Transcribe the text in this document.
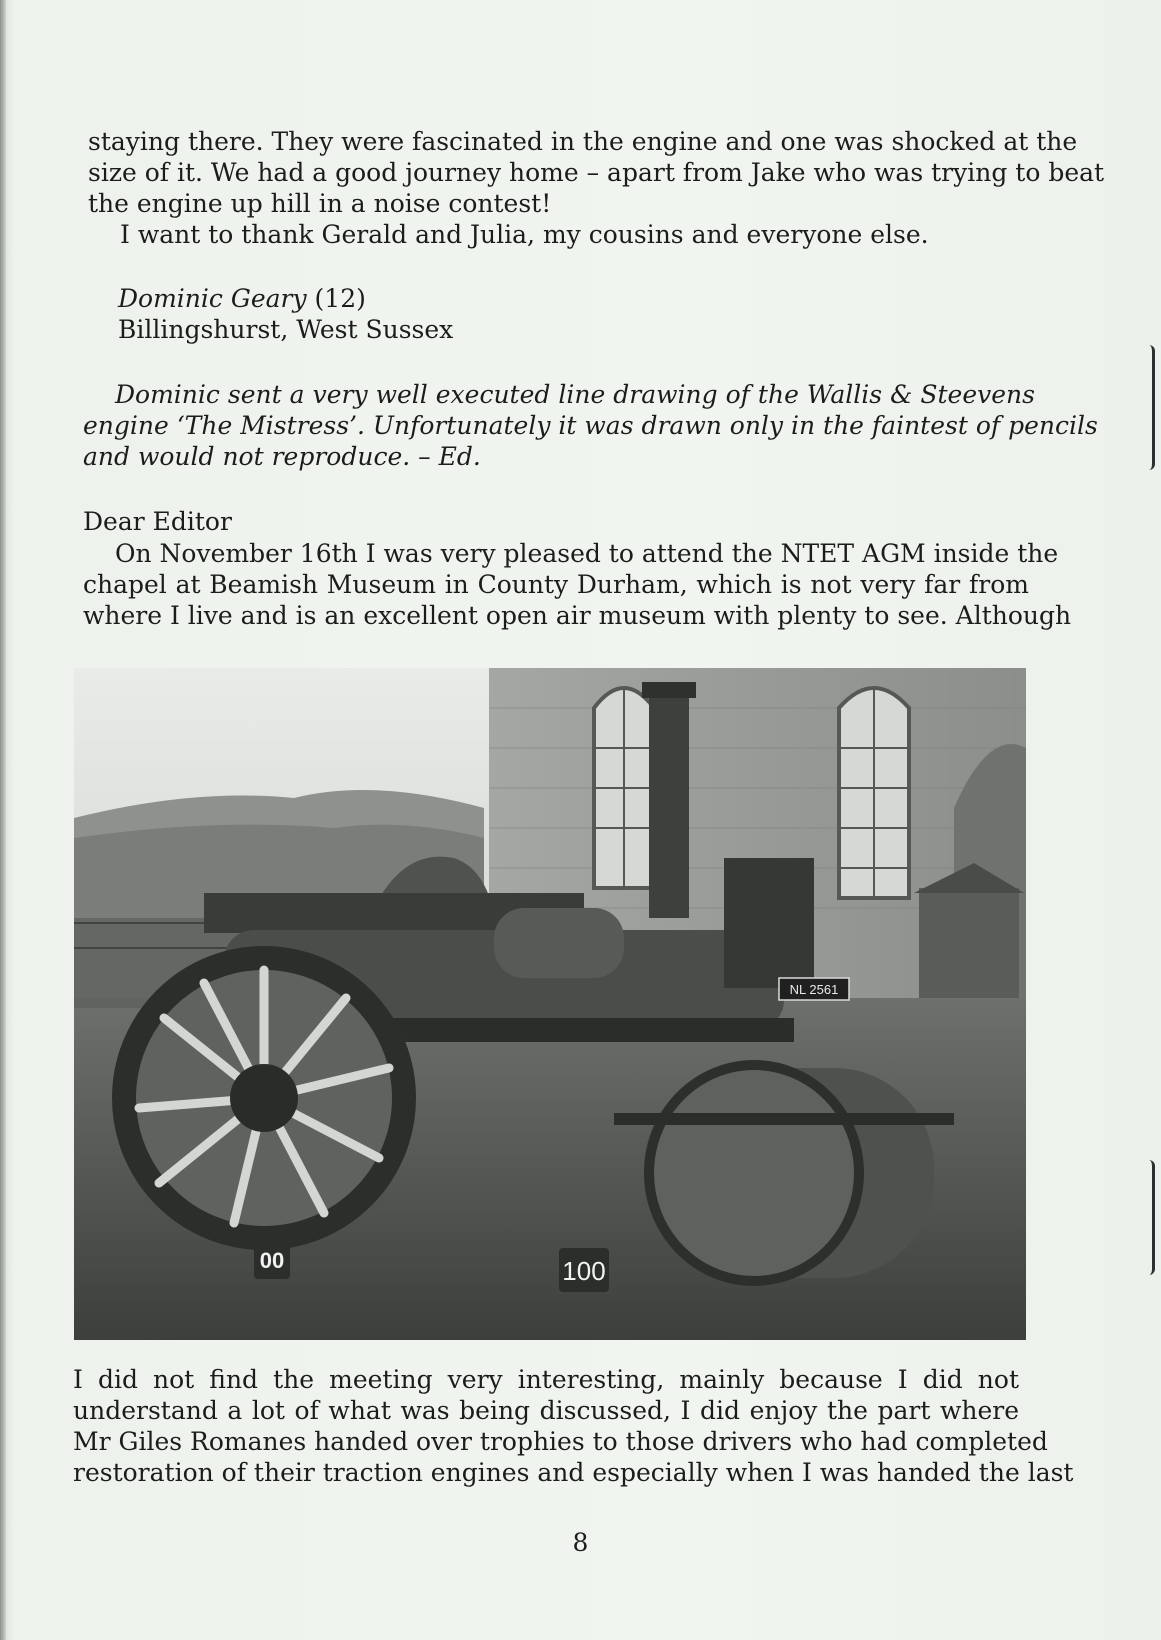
staying there. They were fascinated in the engine and one was shocked at the
size of it. We had a good journey home – apart from Jake who was trying to beat
the engine up hill in a noise contest!
I want to thank Gerald and Julia, my cousins and everyone else.
Dominic Geary (12)
Billingshurst, West Sussex
Dominic sent a very well executed line drawing of the Wallis & Steevens
engine ‘The Mistress’. Unfortunately it was drawn only in the faintest of pencils
and would not reproduce. – Ed.
Dear Editor
On November 16th I was very pleased to attend the NTET AGM inside the
chapel at Beamish Museum in County Durham, which is not very far from
where I live and is an excellent open air museum with plenty to see. Although
NL 2561
00	100
I did not find the meeting very interesting, mainly because I did not
understand a lot of what was being discussed, I did enjoy the part where
Mr Giles Romanes handed over trophies to those drivers who had completed
restoration of their traction engines and especially when I was handed the last
8
